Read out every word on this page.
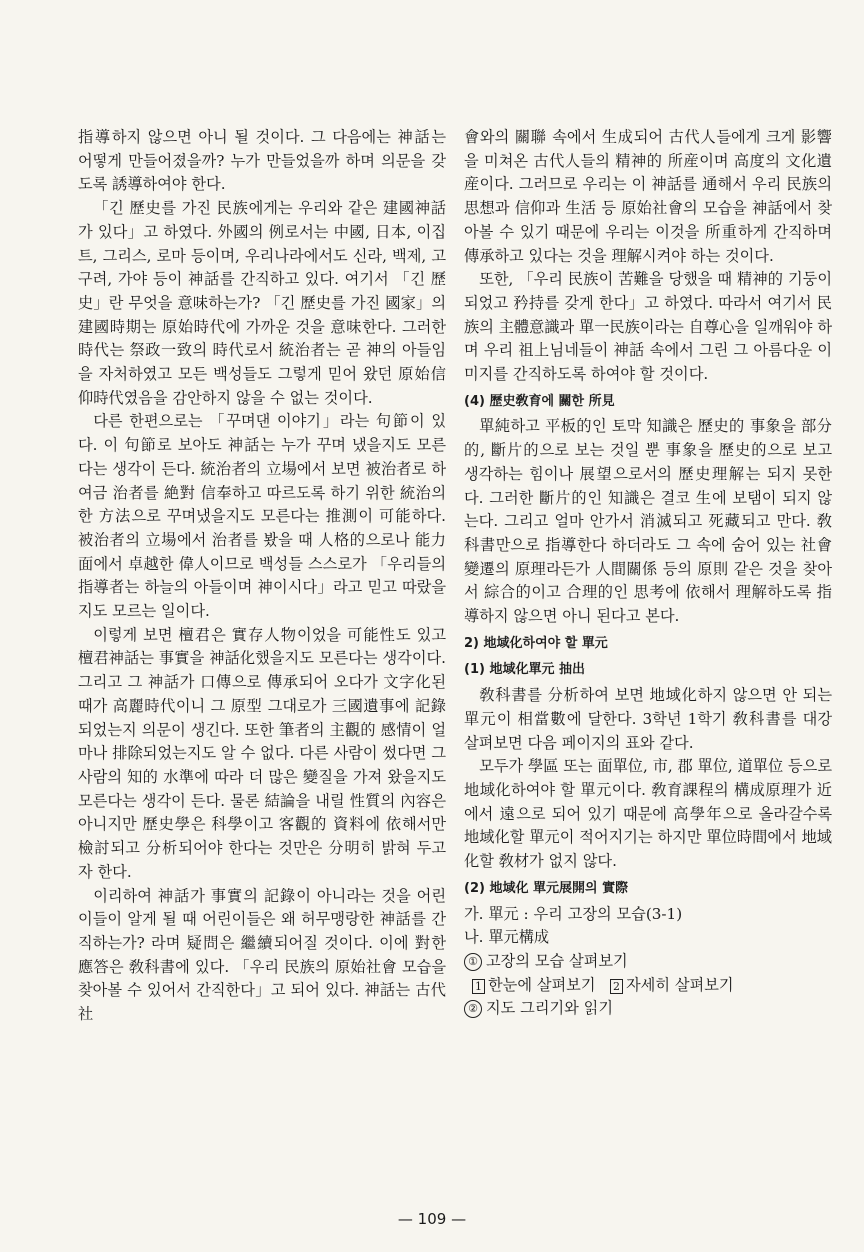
指導하지 않으면 아니 될 것이다. 그 다음에는 神話는 어떻게 만들어졌을까? 누가 만들었을까 하며 의문을 갖도록 誘導하여야 한다.

「긴 歷史를 가진 民族에게는 우리와 같은 建國神話가 있다」고 하였다. 外國의 例로서는 中國, 日本, 이집트, 그리스, 로마 등이며, 우리나라에서도 신라, 백제, 고구려, 가야 등이 神話를 간직하고 있다. 여기서 「긴 歷史」란 무엇을 意味하는가? 「긴 歷史를 가진 國家」의 建國時期는 原始時代에 가까운 것을 意味한다. 그러한 時代는 祭政一致의 時代로서 統治者는 곧 神의 아들임을 자처하였고 모든 백성들도 그렇게 믿어 왔던 原始信仰時代였음을 감안하지 않을 수 없는 것이다.

다른 한편으로는 「꾸며댄 이야기」라는 句節이 있다. 이 句節로 보아도 神話는 누가 꾸며 냈을지도 모른다는 생각이 든다. 統治者의 立場에서 보면 被治者로 하여금 治者를 絶對 信奉하고 따르도록 하기 위한 統治의 한 方法으로 꾸며냈을지도 모른다는 推測이 可能하다. 被治者의 立場에서 治者를 봤을 때 人格的으로나 能力面에서 卓越한 偉人이므로 백성들 스스로가 「우리들의 指導者는 하늘의 아들이며 神이시다」라고 믿고 따랐을지도 모르는 일이다.

이렇게 보면 檀君은 實存人物이었을 可能性도 있고 檀君神話는 事實을 神話化했을지도 모른다는 생각이다. 그리고 그 神話가 口傳으로 傳承되어 오다가 文字化된 때가 高麗時代이니 그 原型 그대로가 三國遺事에 記錄되었는지 의문이 생긴다. 또한 筆者의 主觀的 感情이 얼마나 排除되었는지도 알 수 없다. 다른 사람이 썼다면 그 사람의 知的 水準에 따라 더 많은 變질을 가져 왔을지도 모른다는 생각이 든다. 물론 結論을 내릴 性質의 內容은 아니지만 歷史學은 科學이고 客觀的 資料에 依해서만 檢討되고 分析되어야 한다는 것만은 分明히 밝혀 두고자 한다.

이리하여 神話가 事實의 記錄이 아니라는 것을 어린이들이 알게 될 때 어린이들은 왜 허무맹랑한 神話를 간직하는가? 라며 疑問은 繼續되어질 것이다. 이에 對한 應答은 敎科書에 있다. 「우리 民族의 原始社會 모습을 찾아볼 수 있어서 간직한다」고 되어 있다. 神話는 古代社

會와의 關聯 속에서 生成되어 古代人들에게 크게 影響을 미쳐온 古代人들의 精神的 所産이며 高度의 文化遺産이다. 그러므로 우리는 이 神話를 通해서 우리 民族의 思想과 信仰과 生活 등 原始社會의 모습을 神話에서 찾아볼 수 있기 때문에 우리는 이것을 所重하게 간직하며 傳承하고 있다는 것을 理解시켜야 하는 것이다.

또한, 「우리 民族이 苦難을 당했을 때 精神的 기둥이 되었고 矜持를 갖게 한다」고 하였다. 따라서 여기서 民族의 主體意識과 單一民族이라는 自尊心을 일깨워야 하며 우리 祖上님네들이 神話 속에서 그린 그 아름다운 이미지를 간직하도록 하여야 할 것이다.

(4) 歷史敎育에 關한 所見

單純하고 平板的인 토막 知識은 歷史的 事象을 部分的, 斷片的으로 보는 것일 뿐 事象을 歷史的으로 보고 생각하는 힘이나 展望으로서의 歷史理解는 되지 못한다. 그러한 斷片的인 知識은 결코 生에 보탬이 되지 않는다. 그리고 얼마 안가서 消滅되고 死藏되고 만다. 敎科書만으로 指導한다 하더라도 그 속에 숨어 있는 社會變遷의 原理라든가 人間關係 등의 原則 같은 것을 찾아서 綜合的이고 合理的인 思考에 依해서 理解하도록 指導하지 않으면 아니 된다고 본다.

2) 地域化하여야 할 單元

(1) 地域化單元 抽出

敎科書를 分析하여 보면 地域化하지 않으면 안 되는 單元이 相當數에 달한다. 3학년 1학기 敎科書를 대강 살펴보면 다음 페이지의 표와 같다.

모두가 學區 또는 面單位, 市, 郡 單位, 道單位 등으로 地域化하여야 할 單元이다. 敎育課程의 構成原理가 近에서 遠으로 되어 있기 때문에 高學年으로 올라갈수록 地域化할 單元이 적어지기는 하지만 單位時間에서 地域化할 敎材가 없지 않다.

(2) 地域化 單元展開의 實際

가. 單元 : 우리 고장의 모습(3-1)

나. 單元構成

① 고장의 모습 살펴보기

1 한눈에 살펴보기 2 자세히 살펴보기

② 지도 그리기와 읽기

— 109 —
